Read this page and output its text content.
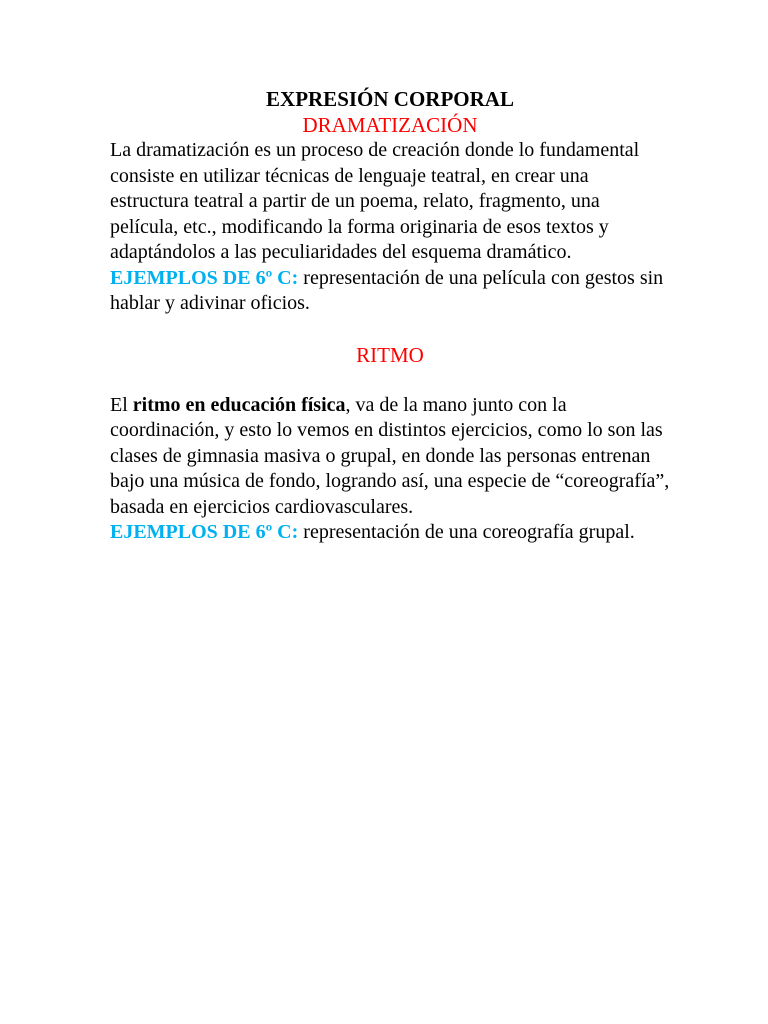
EXPRESIÓN CORPORAL

DRAMATIZACIÓN

La dramatización es un proceso de creación donde lo fundamental consiste en utilizar técnicas de lenguaje teatral, en crear una estructura teatral a partir de un poema, relato, fragmento, una película, etc., modificando la forma originaria de esos textos y adaptándolos a las peculiaridades del esquema dramático.

EJEMPLOS DE 6º C: representación de una película con gestos sin hablar y adivinar oficios.

RITMO

El ritmo en educación física, va de la mano junto con la coordinación, y esto lo vemos en distintos ejercicios, como lo son las clases de gimnasia masiva o grupal, en donde las personas entrenan bajo una música de fondo, logrando así, una especie de “coreografía”, basada en ejercicios cardiovasculares.

EJEMPLOS DE 6º C: representación de una coreografía grupal.
